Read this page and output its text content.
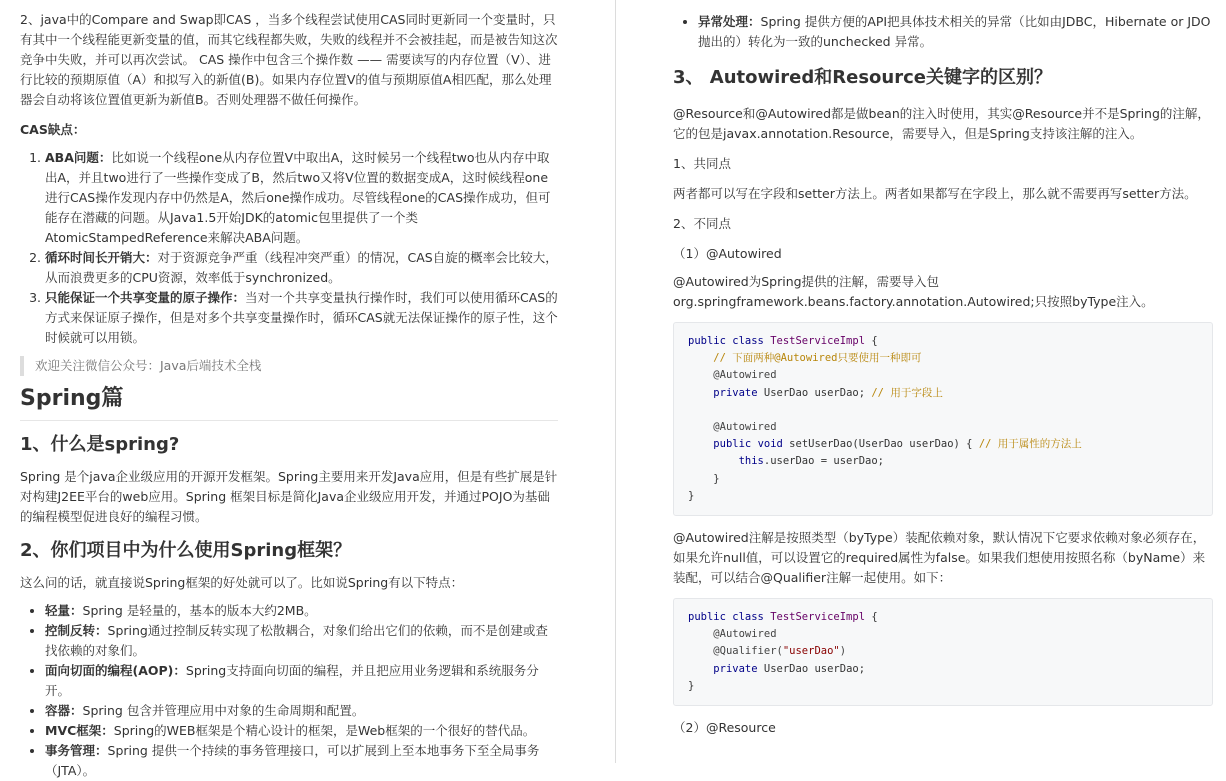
2、java中的Compare and Swap即CAS ，当多个线程尝试使用CAS同时更新同一个变量时，只有其中一个线程能更新变量的值，而其它线程都失败，失败的线程并不会被挂起，而是被告知这次竞争中失败，并可以再次尝试。 CAS 操作中包含三个操作数 —— 需要读写的内存位置（V）、进行比较的预期原值（A）和拟写入的新值(B)。如果内存位置V的值与预期原值A相匹配，那么处理器会自动将该位置值更新为新值B。否则处理器不做任何操作。

CAS缺点：

1. ABA问题：比如说一个线程one从内存位置V中取出A，这时候另一个线程two也从内存中取出A，并且two进行了一些操作变成了B，然后two又将V位置的数据变成A，这时候线程one进行CAS操作发现内存中仍然是A，然后one操作成功。尽管线程one的CAS操作成功，但可能存在潜藏的问题。从Java1.5开始JDK的atomic包里提供了一个类AtomicStampedReference来解决ABA问题。
2. 循环时间长开销大：对于资源竞争严重（线程冲突严重）的情况，CAS自旋的概率会比较大，从而浪费更多的CPU资源，效率低于synchronized。
3. 只能保证一个共享变量的原子操作：当对一个共享变量执行操作时，我们可以使用循环CAS的方式来保证原子操作，但是对多个共享变量操作时，循环CAS就无法保证操作的原子性，这个时候就可以用锁。
欢迎关注微信公众号：Java后端技术全栈
Spring篇
1、什么是spring?

Spring 是个java企业级应用的开源开发框架。Spring主要用来开发Java应用，但是有些扩展是针对构建J2EE平台的web应用。Spring 框架目标是简化Java企业级应用开发，并通过POJO为基础的编程模型促进良好的编程习惯。

2、你们项目中为什么使用Spring框架？

这么问的话，就直接说Spring框架的好处就可以了。比如说Spring有以下特点：

• 轻量：Spring 是轻量的，基本的版本大约2MB。
• 控制反转：Spring通过控制反转实现了松散耦合，对象们给出它们的依赖，而不是创建或查找依赖的对象们。
• 面向切面的编程(AOP)：Spring支持面向切面的编程，并且把应用业务逻辑和系统服务分开。
• 容器：Spring 包含并管理应用中对象的生命周期和配置。
• MVC框架：Spring的WEB框架是个精心设计的框架，是Web框架的一个很好的替代品。
• 事务管理：Spring 提供一个持续的事务管理接口，可以扩展到上至本地事务下至全局事务（JTA）。
• 异常处理：Spring 提供方便的API把具体技术相关的异常（比如由JDBC，Hibernate or JDO抛出的）转化为一致的unchecked 异常。
3、 Autowired和Resource关键字的区别？

@Resource和@Autowired都是做bean的注入时使用，其实@Resource并不是Spring的注解，它的包是javax.annotation.Resource，需要导入，但是Spring支持该注解的注入。

1、共同点

两者都可以写在字段和setter方法上。两者如果都写在字段上，那么就不需要再写setter方法。

2、不同点

（1）@Autowired

@Autowired为Spring提供的注解，需要导入包org.springframework.beans.factory.annotation.Autowired;只按照byType注入。

public class TestServiceImpl {
// 下面两种@Autowired只要使用一种即可
@Autowired
private UserDao userDao; // 用于字段上

@Autowired
public void setUserDao(UserDao userDao) { // 用于属性的方法上
this.userDao = userDao;
}
}

@Autowired注解是按照类型（byType）装配依赖对象，默认情况下它要求依赖对象必须存在，如果允许null值，可以设置它的required属性为false。如果我们想使用按照名称（byName）来装配，可以结合@Qualifier注解一起使用。如下：

public class TestServiceImpl {
@Autowired
@Qualifier("userDao")
private UserDao userDao;
}

（2）@Resource
